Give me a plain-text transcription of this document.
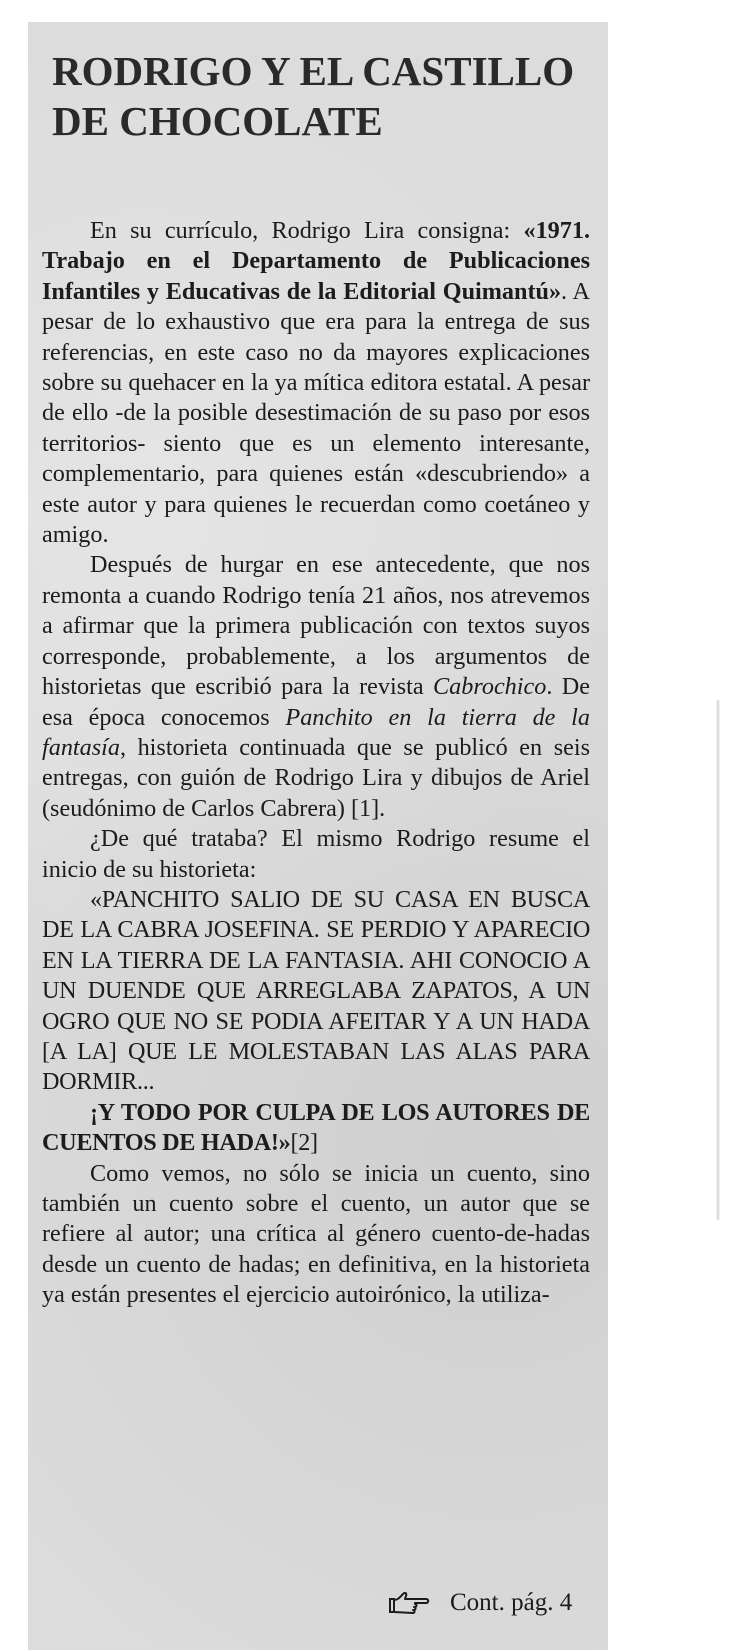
RODRIGO Y EL CASTILLO DE CHOCOLATE

En su currículo, Rodrigo Lira consigna: «1971. Trabajo en el Departamento de Publicaciones Infantiles y Educativas de la Editorial Quimantú». A pesar de lo exhaustivo que era para la entrega de sus referencias, en este caso no da mayores explicaciones sobre su quehacer en la ya mítica editora estatal. A pesar de ello -de la posible desestimación de su paso por esos territorios- siento que es un elemento interesante, complementario, para quienes están «descubriendo» a este autor y para quienes le recuerdan como coetáneo y amigo.

Después de hurgar en ese antecedente, que nos remonta a cuando Rodrigo tenía 21 años, nos atrevemos a afirmar que la primera publicación con textos suyos corresponde, probablemente, a los argumentos de historietas que escribió para la revista Cabrochico. De esa época conocemos Panchito en la tierra de la fantasía, historieta continuada que se publicó en seis entregas, con guión de Rodrigo Lira y dibujos de Ariel (seudónimo de Carlos Cabrera) [1].

¿De qué trataba? El mismo Rodrigo resume el inicio de su historieta:

«PANCHITO SALIO DE SU CASA EN BUSCA DE LA CABRA JOSEFINA. SE PERDIO Y APARECIO EN LA TIERRA DE LA FANTASIA. AHI CONOCIO A UN DUENDE QUE ARREGLABA ZAPATOS, A UN OGRO QUE NO SE PODIA AFEITAR Y A UN HADA [A LA] QUE LE MOLESTABAN LAS ALAS PARA DORMIR...

¡Y TODO POR CULPA DE LOS AUTORES DE CUENTOS DE HADA!»[2]

Como vemos, no sólo se inicia un cuento, sino también un cuento sobre el cuento, un autor que se refiere al autor; una crítica al género cuento-de-hadas desde un cuento de hadas; en definitiva, en la historieta ya están presentes el ejercicio autoirónico, la utiliza-

Cont. pág. 4
